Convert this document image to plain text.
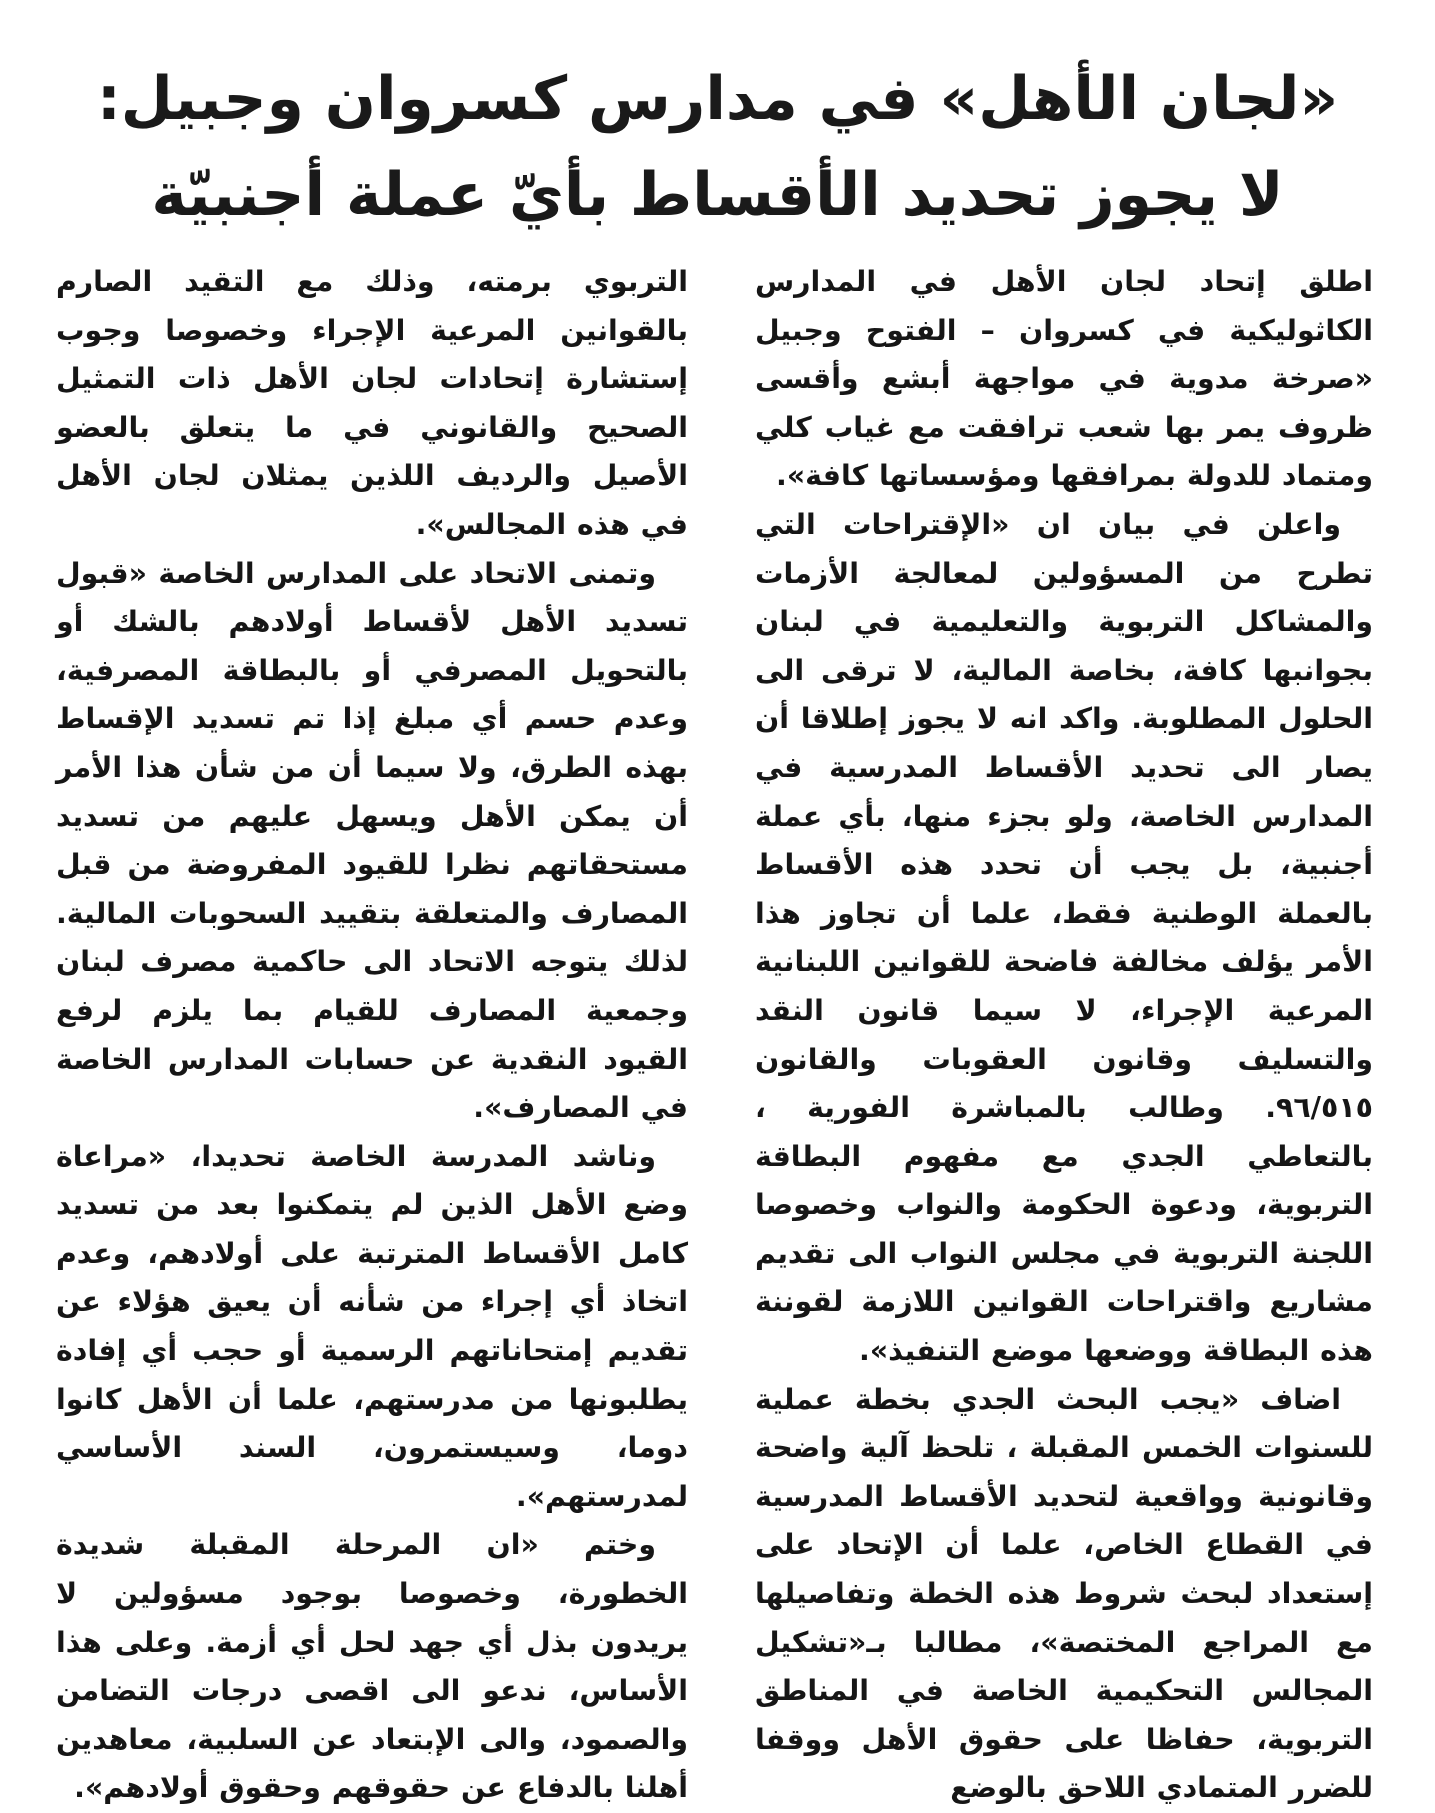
«لجان الأهل» في مدارس كسروان وجبيل:
لا يجوز تحديد الأقساط بأيّ عملة أجنبيّة

اطلق إتحاد لجان الأهل في المدارس الكاثوليكية في كسروان – الفتوح وجبيل «صرخة مدوية في مواجهة أبشع وأقسى ظروف يمر بها شعب ترافقت مع غياب كلي ومتماد للدولة بمرافقها ومؤسساتها كافة».

واعلن في بيان ان «الإقتراحات التي تطرح من المسؤولين لمعالجة الأزمات والمشاكل التربوية والتعليمية في لبنان بجوانبها كافة، بخاصة المالية، لا ترقى الى الحلول المطلوبة. واكد انه لا يجوز إطلاقا أن يصار الى تحديد الأقساط المدرسية في المدارس الخاصة، ولو بجزء منها، بأي عملة أجنبية، بل يجب أن تحدد هذه الأقساط بالعملة الوطنية فقط، علما أن تجاوز هذا الأمر يؤلف مخالفة فاضحة للقوانين اللبنانية المرعية الإجراء، لا سيما قانون النقد والتسليف وقانون العقوبات والقانون ٩٦/٥١٥. وطالب بالمباشرة الفورية ، بالتعاطي الجدي مع مفهوم البطاقة التربوية، ودعوة الحكومة والنواب وخصوصا اللجنة التربوية في مجلس النواب الى تقديم مشاريع واقتراحات القوانين اللازمة لقوننة هذه البطاقة ووضعها موضع التنفيذ».

اضاف «يجب البحث الجدي بخطة عملية للسنوات الخمس المقبلة ، تلحظ آلية واضحة وقانونية وواقعية لتحديد الأقساط المدرسية في القطاع الخاص، علما أن الإتحاد على إستعداد لبحث شروط هذه الخطة وتفاصيلها مع المراجع المختصة»، مطالبا بـ«تشكيل المجالس التحكيمية الخاصة في المناطق التربوية، حفاظا على حقوق الأهل ووقفا للضرر المتمادي اللاحق بالوضع

التربوي برمته، وذلك مع التقيد الصارم بالقوانين المرعية الإجراء وخصوصا وجوب إستشارة إتحادات لجان الأهل ذات التمثيل الصحيح والقانوني في ما يتعلق بالعضو الأصيل والرديف اللذين يمثلان لجان الأهل في هذه المجالس».

وتمنى الاتحاد على المدارس الخاصة «قبول تسديد الأهل لأقساط أولادهم بالشك أو بالتحويل المصرفي أو بالبطاقة المصرفية، وعدم حسم أي مبلغ إذا تم تسديد الإقساط بهذه الطرق، ولا سيما أن من شأن هذا الأمر أن يمكن الأهل ويسهل عليهم من تسديد مستحقاتهم نظرا للقيود المفروضة من قبل المصارف والمتعلقة بتقييد السحوبات المالية. لذلك يتوجه الاتحاد الى حاكمية مصرف لبنان وجمعية المصارف للقيام بما يلزم لرفع القيود النقدية عن حسابات المدارس الخاصة في المصارف».

وناشد المدرسة الخاصة تحديدا، «مراعاة وضع الأهل الذين لم يتمكنوا بعد من تسديد كامل الأقساط المترتبة على أولادهم، وعدم اتخاذ أي إجراء من شأنه أن يعيق هؤلاء عن تقديم إمتحاناتهم الرسمية أو حجب أي إفادة يطلبونها من مدرستهم، علما أن الأهل كانوا دوما، وسيستمرون، السند الأساسي لمدرستهم».

وختم «ان المرحلة المقبلة شديدة الخطورة، وخصوصا بوجود مسؤولين لا يريدون بذل أي جهد لحل أي أزمة. وعلى هذا الأساس، ندعو الى اقصى درجات التضامن والصمود، والى الإبتعاد عن السلبية، معاهدين أهلنا بالدفاع عن حقوقهم وحقوق أولادهم».
